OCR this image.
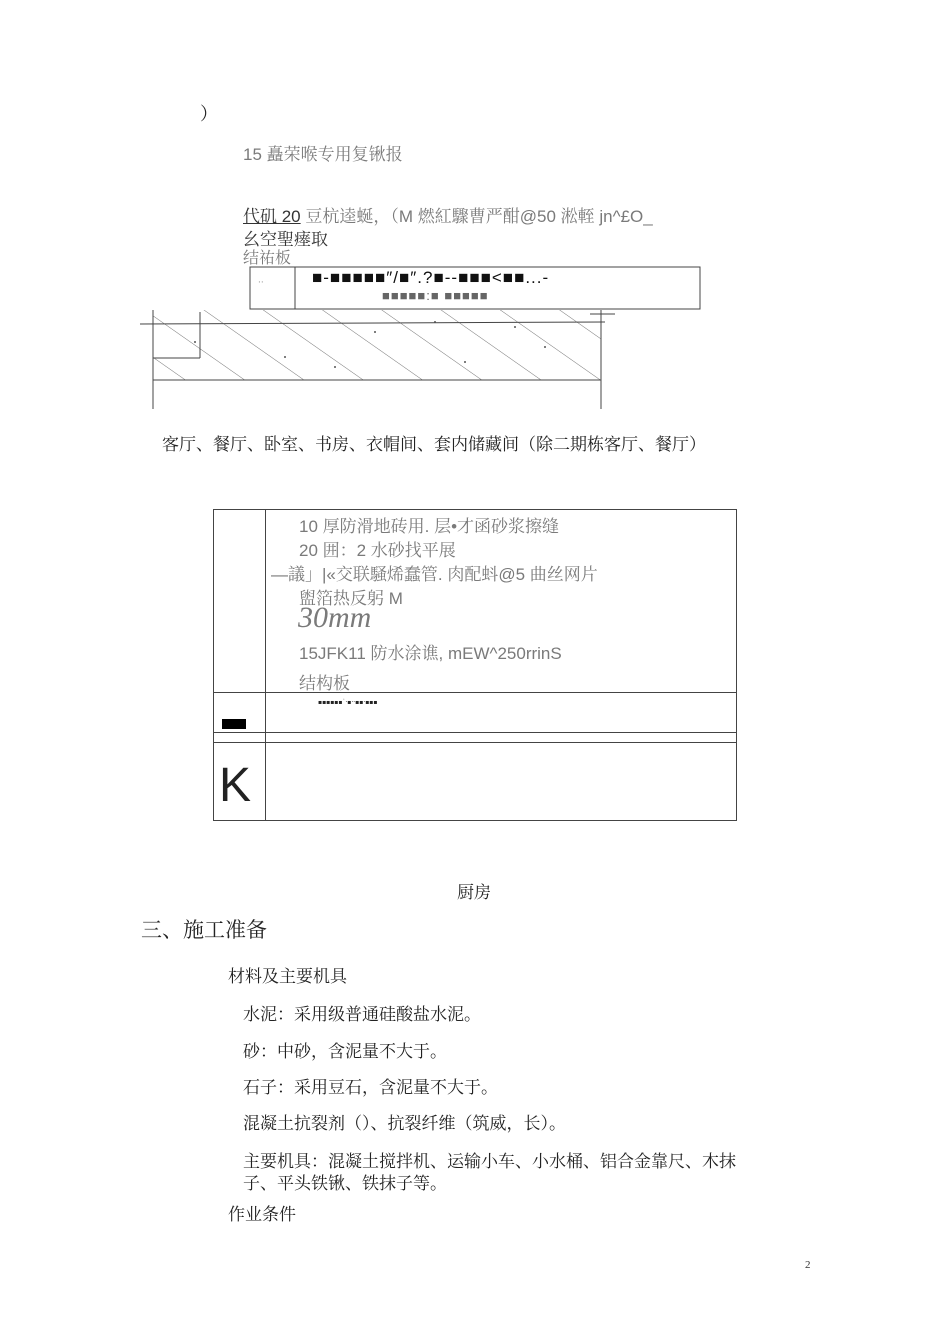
）
15 矗荣喉专用复锹报
代矶 20 豆杭逵蜒，（M 燃紅驟曹严酣@50 淞輊 jn^£O_
幺空聖瘗取
结祐板
··	■-■■■■■″/■″.?■--■■■<■■...-
■■■■■:■ ■■■■■
客厅、餐厅、卧室、书房、衣帽间、套内储藏间（除二期栋客厅、餐厅）
10 厚防滑地砖用. 层•才函砂浆擦缝
20 囲：2 水砂找平展
—議」|«交联騒烯蠢管. 肉配蚪@5 曲丝网片
盥箔热反躬 M
30mm
15JFK11 防水涂谯, mEW^250rrinS
结构板
▪▪▪▪▪▪˙·▪··▪▪·▪▪▪
K
厨房
三、施工准备
材料及主要机具
水泥：采用级普通硅酸盐水泥。
砂：中砂，含泥量不大于。
石子：采用豆石，含泥量不大于。
混凝土抗裂剂（）、抗裂纤维（筑威，长）。
主要机具：混凝土搅拌机、运输小车、小水桶、铝合金靠尺、木抹
子、平头铁锹、铁抹子等。
作业条件
2
